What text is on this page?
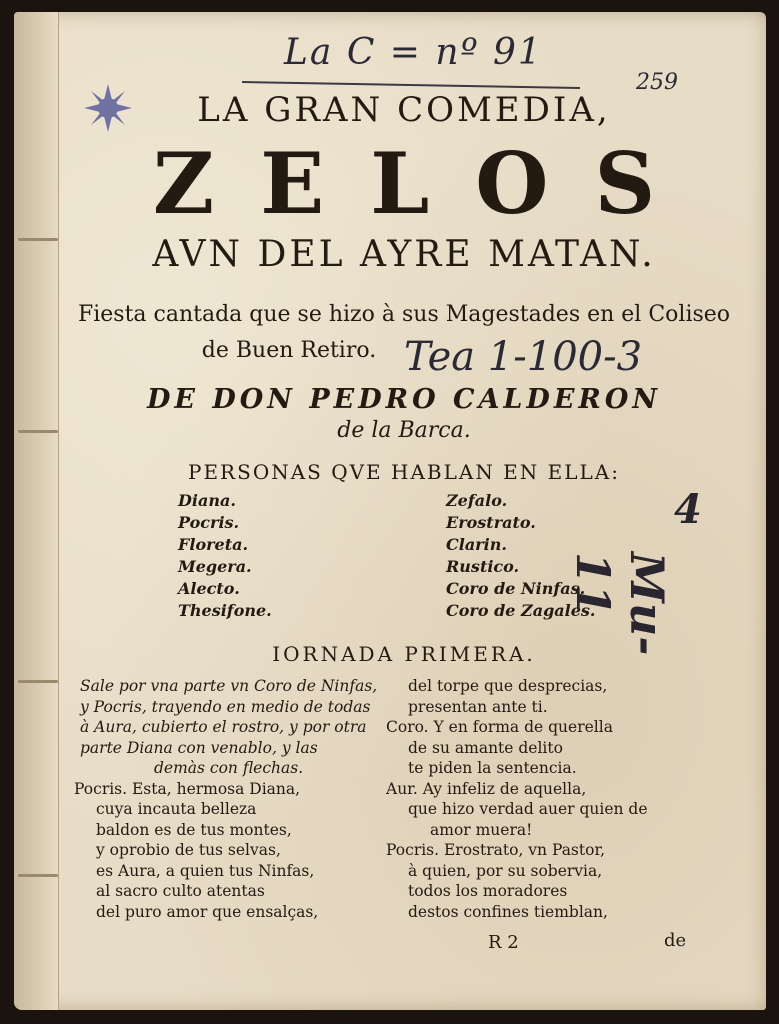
La C = nº 91

259

LA GRAN COMEDIA,

ZELOS

AVN DEL AYRE MATAN.

Fiesta cantada que se hizo à sus Magestades en el Coliseo

de Buen Retiro. Tea 1-100-3

DE DON PEDRO CALDERON

de la Barca.

PERSONAS QVE HABLAN EN ELLA:

Diana.
Pocris.
Floreta.
Megera.
Alecto.
Thesifone.
Zefalo.
Erostrato.
Clarin.
Rustico.
Coro de Ninfas.
Coro de Zagales.

4

Mu-11

IORNADA PRIMERA.

Sale por vna parte vn Coro de Ninfas,
y Pocris, trayendo en medio de todas
à Aura, cubierto el rostro, y por otra
parte Diana con venablo, y las
demàs con flechas.
Pocris. Esta, hermosa Diana,
cuya incauta belleza
baldon es de tus montes,
y oprobio de tus selvas,
es Aura, a quien tus Ninfas,
al sacro culto atentas
del puro amor que ensalças,
del torpe que desprecias,
presentan ante ti.
Coro. Y en forma de querella
de su amante delito
te piden la sentencia.
Aur. Ay infeliz de aquella,
que hizo verdad auer quien de
amor muera!
Pocris. Erostrato, vn Pastor,
à quien, por su sobervia,
todos los moradores
destos confines tiemblan,

R 2	de
